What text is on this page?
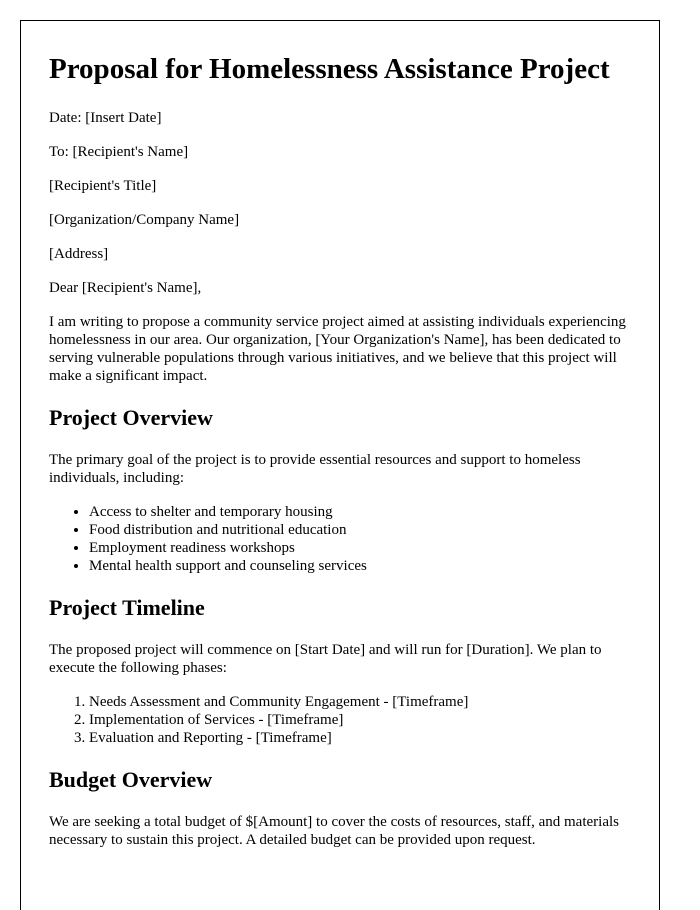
Proposal for Homelessness Assistance Project

Date: [Insert Date]

To: [Recipient's Name]

[Recipient's Title]

[Organization/Company Name]

[Address]

Dear [Recipient's Name],

I am writing to propose a community service project aimed at assisting individuals experiencing homelessness in our area. Our organization, [Your Organization's Name], has been dedicated to serving vulnerable populations through various initiatives, and we believe that this project will make a significant impact.

Project Overview

The primary goal of the project is to provide essential resources and support to homeless individuals, including:

• Access to shelter and temporary housing
• Food distribution and nutritional education
• Employment readiness workshops
• Mental health support and counseling services
Project Timeline

The proposed project will commence on [Start Date] and will run for [Duration]. We plan to execute the following phases:

1. Needs Assessment and Community Engagement - [Timeframe]
2. Implementation of Services - [Timeframe]
3. Evaluation and Reporting - [Timeframe]
Budget Overview

We are seeking a total budget of $[Amount] to cover the costs of resources, staff, and materials necessary to sustain this project. A detailed budget can be provided upon request.
